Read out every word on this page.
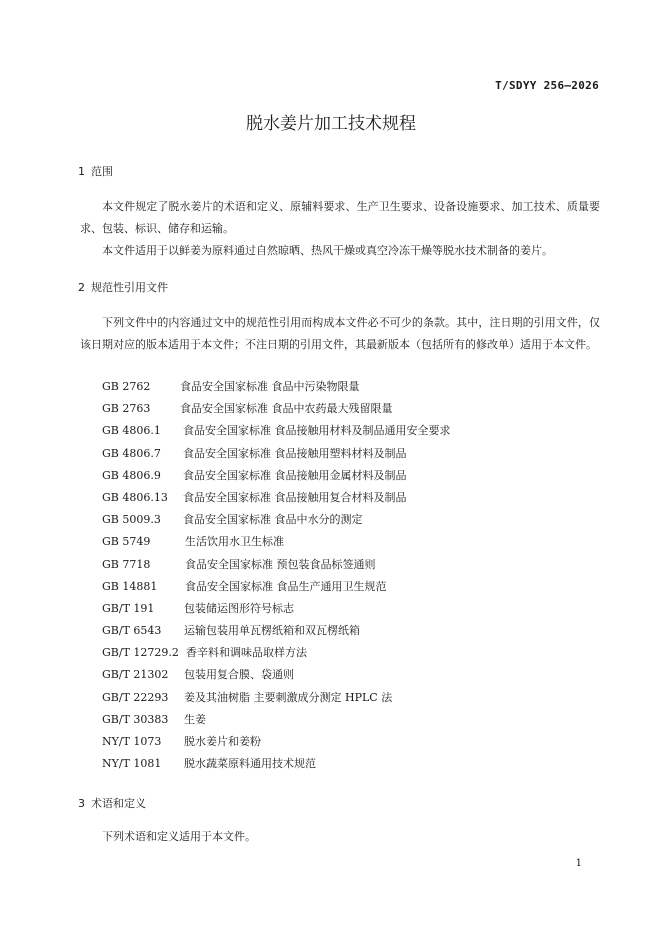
T/SDYY 256—2026
脱水姜片加工技术规程
1 范围
本文件规定了脱水姜片的术语和定义、原辅料要求、生产卫生要求、设备设施要求、加工技术、质量要求、包装、标识、储存和运输。
本文件适用于以鲜姜为原料通过自然晾晒、热风干燥或真空冷冻干燥等脱水技术制备的姜片。
2 规范性引用文件
下列文件中的内容通过文中的规范性引用而构成本文件必不可少的条款。其中，注日期的引用文件，仅该日期对应的版本适用于本文件；不注日期的引用文件，其最新版本（包括所有的修改单）适用于本文件。
GB 2762	食品安全国家标准 食品中污染物限量
GB 2763	食品安全国家标准 食品中农药最大残留限量
GB 4806.1 食品安全国家标准 食品接触用材料及制品通用安全要求
GB 4806.7 食品安全国家标准 食品接触用塑料材料及制品
GB 4806.9 食品安全国家标准 食品接触用金属材料及制品
GB 4806.13 食品安全国家标准 食品接触用复合材料及制品
GB 5009.3 食品安全国家标准 食品中水分的测定
GB 5749	生活饮用水卫生标准
GB 7718	食品安全国家标准 预包装食品标签通则
GB 14881	食品安全国家标准 食品生产通用卫生规范
GB/T 191	包装储运图形符号标志
GB/T 6543 运输包装用单瓦楞纸箱和双瓦楞纸箱
GB/T 12729.2 香辛料和调味品取样方法
GB/T 21302 包装用复合膜、袋通则
GB/T 22293 姜及其油树脂 主要刺激成分测定 HPLC 法
GB/T 30383 生姜
NY/T 1073 脱水姜片和姜粉
NY/T 1081 脱水蔬菜原料通用技术规范
3 术语和定义
下列术语和定义适用于本文件。
1
